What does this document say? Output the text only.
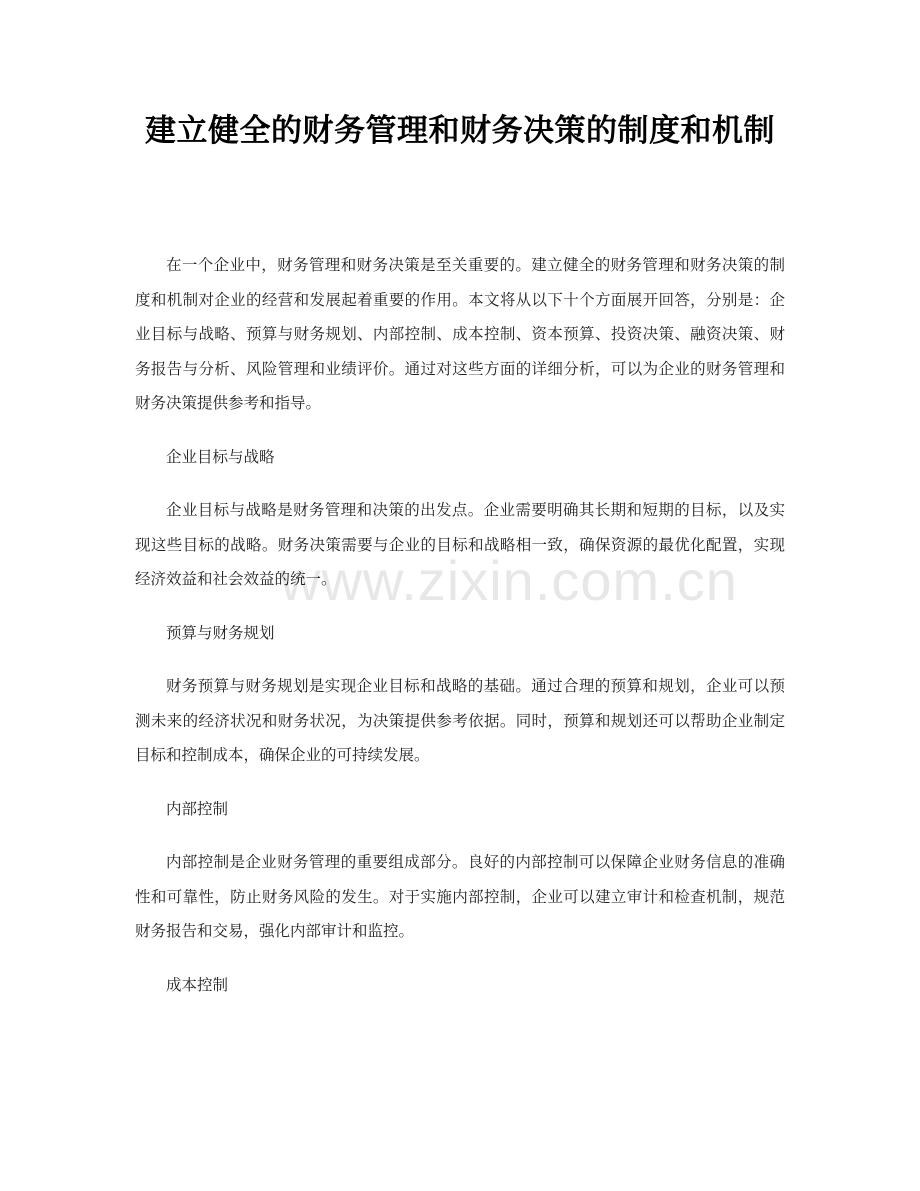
建立健全的财务管理和财务决策的制度和机制

在一个企业中，财务管理和财务决策是至关重要的。建立健全的财务管理和财务决策的制度和机制对企业的经营和发展起着重要的作用。本文将从以下十个方面展开回答，分别是：企业目标与战略、预算与财务规划、内部控制、成本控制、资本预算、投资决策、融资决策、财务报告与分析、风险管理和业绩评价。通过对这些方面的详细分析，可以为企业的财务管理和财务决策提供参考和指导。

企业目标与战略

企业目标与战略是财务管理和决策的出发点。企业需要明确其长期和短期的目标，以及实现这些目标的战略。财务决策需要与企业的目标和战略相一致，确保资源的最优化配置，实现经济效益和社会效益的统一。

预算与财务规划

财务预算与财务规划是实现企业目标和战略的基础。通过合理的预算和规划，企业可以预测未来的经济状况和财务状况，为决策提供参考依据。同时，预算和规划还可以帮助企业制定目标和控制成本，确保企业的可持续发展。

内部控制

内部控制是企业财务管理的重要组成部分。良好的内部控制可以保障企业财务信息的准确性和可靠性，防止财务风险的发生。对于实施内部控制，企业可以建立审计和检查机制，规范财务报告和交易，强化内部审计和监控。

成本控制

www.zixin.com.cn
